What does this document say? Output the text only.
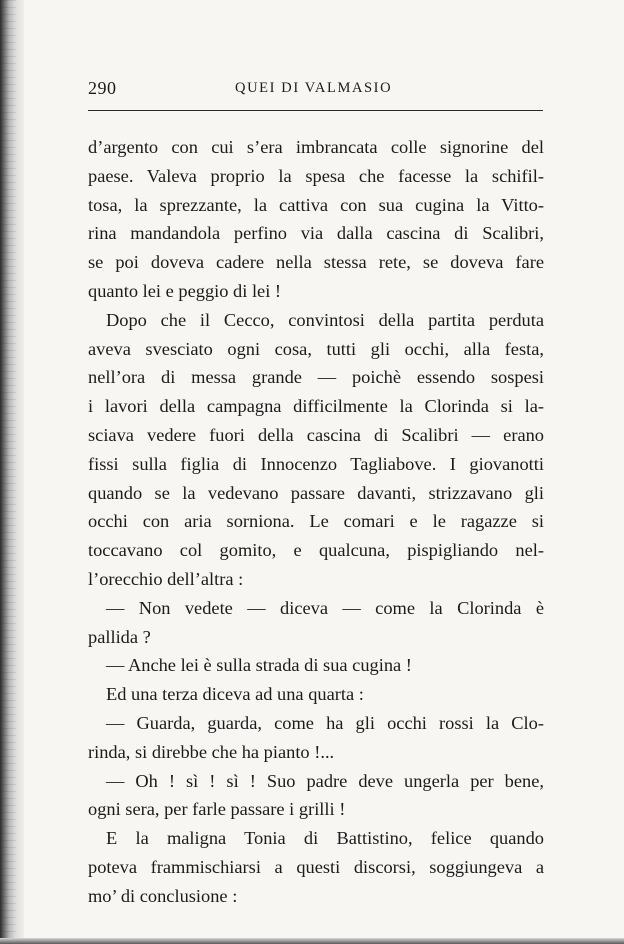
290	QUEI DI VALMASIO
d’argento con cui s’era imbrancata colle signorine del
paese. Valeva proprio la spesa che facesse la schifil-
tosa, la sprezzante, la cattiva con sua cugina la Vitto-
rina mandandola perfino via dalla cascina di Scalibri,
se poi doveva cadere nella stessa rete, se doveva fare
quanto lei e peggio di lei !
Dopo che il Cecco, convintosi della partita perduta
aveva svesciato ogni cosa, tutti gli occhi, alla festa,
nell’ora di messa grande — poichè essendo sospesi
i lavori della campagna difficilmente la Clorinda si la-
sciava vedere fuori della cascina di Scalibri — erano
fissi sulla figlia di Innocenzo Tagliabove. I giovanotti
quando se la vedevano passare davanti, strizzavano gli
occhi con aria sorniona. Le comari e le ragazze si
toccavano col gomito, e qualcuna, pispigliando nel-
l’orecchio dell’altra :
— Non vedete — diceva — come la Clorinda è
pallida ?
— Anche lei è sulla strada di sua cugina !
Ed una terza diceva ad una quarta :
— Guarda, guarda, come ha gli occhi rossi la Clo-
rinda, si direbbe che ha pianto !...
— Oh ! sì ! sì ! Suo padre deve ungerla per bene,
ogni sera, per farle passare i grilli !
E la maligna Tonia di Battistino, felice quando
poteva frammischiarsi a questi discorsi, soggiungeva a
mo’ di conclusione :
